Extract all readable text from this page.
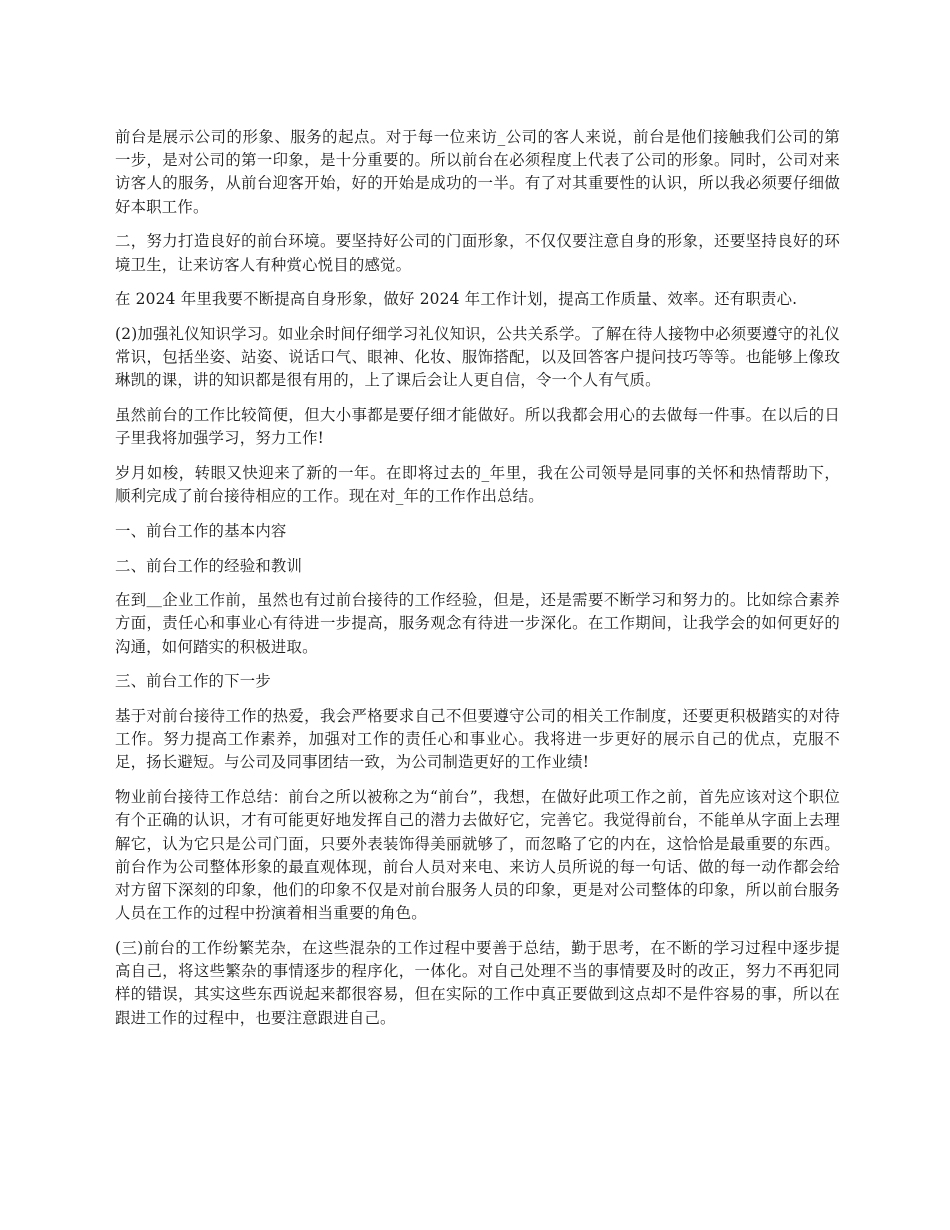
前台是展示公司的形象、服务的起点。对于每一位来访_公司的客人来说，前台是他们接触我们公司的第一步，是对公司的第一印象，是十分重要的。所以前台在必须程度上代表了公司的形象。同时，公司对来访客人的服务，从前台迎客开始，好的开始是成功的一半。有了对其重要性的认识，所以我必须要仔细做好本职工作。

二，努力打造良好的前台环境。要坚持好公司的门面形象，不仅仅要注意自身的形象，还要坚持良好的环境卫生，让来访客人有种赏心悦目的感觉。

在 2024 年里我要不断提高自身形象，做好 2024 年工作计划，提高工作质量、效率。还有职责心.

(2)加强礼仪知识学习。如业余时间仔细学习礼仪知识，公共关系学。了解在待人接物中必须要遵守的礼仪常识，包括坐姿、站姿、说话口气、眼神、化妆、服饰搭配，以及回答客户提问技巧等等。也能够上像玫琳凯的课，讲的知识都是很有用的，上了课后会让人更自信，令一个人有气质。

虽然前台的工作比较简便，但大小事都是要仔细才能做好。所以我都会用心的去做每一件事。在以后的日子里我将加强学习，努力工作!

岁月如梭，转眼又快迎来了新的一年。在即将过去的_年里，我在公司领导是同事的关怀和热情帮助下，顺利完成了前台接待相应的工作。现在对_年的工作作出总结。

一、前台工作的基本内容

二、前台工作的经验和教训

在到＿企业工作前，虽然也有过前台接待的工作经验，但是，还是需要不断学习和努力的。比如综合素养方面，责任心和事业心有待进一步提高，服务观念有待进一步深化。在工作期间，让我学会的如何更好的沟通，如何踏实的积极进取。

三、前台工作的下一步

基于对前台接待工作的热爱，我会严格要求自己不但要遵守公司的相关工作制度，还要更积极踏实的对待工作。努力提高工作素养，加强对工作的责任心和事业心。我将进一步更好的展示自己的优点，克服不足，扬长避短。与公司及同事团结一致，为公司制造更好的工作业绩!

物业前台接待工作总结：前台之所以被称之为“前台”，我想，在做好此项工作之前，首先应该对这个职位有个正确的认识，才有可能更好地发挥自己的潜力去做好它，完善它。我觉得前台，不能单从字面上去理解它，认为它只是公司门面，只要外表装饰得美丽就够了，而忽略了它的内在，这恰恰是最重要的东西。前台作为公司整体形象的最直观体现，前台人员对来电、来访人员所说的每一句话、做的每一动作都会给对方留下深刻的印象，他们的印象不仅是对前台服务人员的印象，更是对公司整体的印象，所以前台服务人员在工作的过程中扮演着相当重要的角色。

(三)前台的工作纷繁芜杂，在这些混杂的工作过程中要善于总结，勤于思考，在不断的学习过程中逐步提高自己，将这些繁杂的事情逐步的程序化，一体化。对自己处理不当的事情要及时的改正，努力不再犯同样的错误，其实这些东西说起来都很容易，但在实际的工作中真正要做到这点却不是件容易的事，所以在跟进工作的过程中，也要注意跟进自己。
